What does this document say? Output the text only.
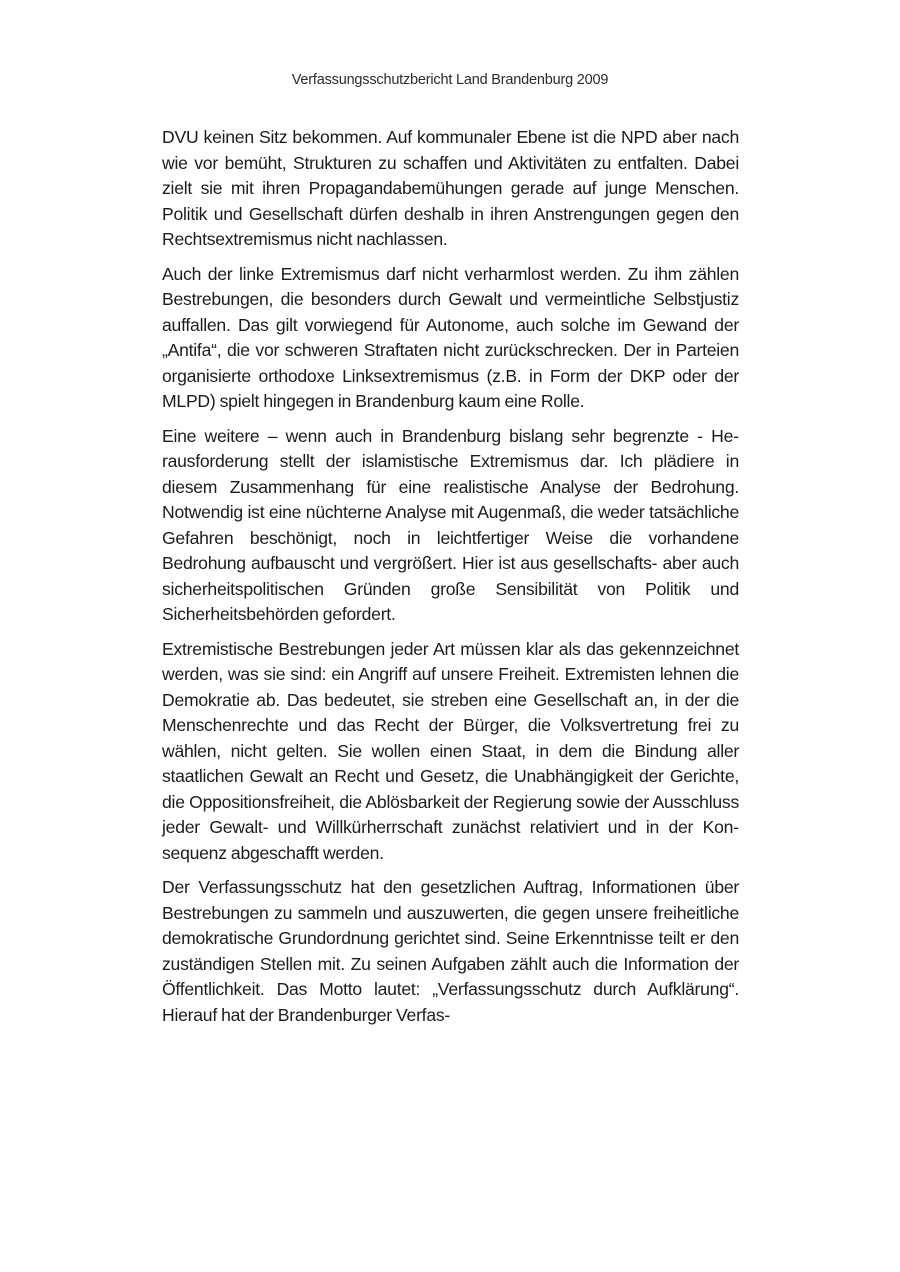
Verfassungsschutzbericht Land Brandenburg 2009

DVU keinen Sitz bekommen. Auf kommunaler Ebene ist die NPD aber nach wie vor bemüht, Strukturen zu schaffen und Aktivitäten zu entfalten. Dabei zielt sie mit ihren Propagandabemühungen gerade auf junge Menschen. Politik und Gesellschaft dürfen deshalb in ihren Anstrengungen gegen den Rechtsextremismus nicht nachlassen.

Auch der linke Extremismus darf nicht verharmlost werden. Zu ihm zählen Bestrebungen, die besonders durch Gewalt und vermeintliche Selbstjustiz auffallen. Das gilt vorwiegend für Autonome, auch solche im Gewand der „Antifa“, die vor schweren Straftaten nicht zurückschrecken. Der in Parteien organisierte orthodoxe Linksextremismus (z.B. in Form der DKP oder der MLPD) spielt hingegen in Brandenburg kaum eine Rolle.

Eine weitere – wenn auch in Brandenburg bislang sehr begrenzte - Herausforderung stellt der islamistische Extremismus dar. Ich plädiere in diesem Zusammenhang für eine realistische Analyse der Bedrohung. Notwendig ist eine nüchterne Analyse mit Augenmaß, die weder tatsächliche Gefahren beschönigt, noch in leichtfertiger Weise die vorhandene Bedrohung aufbauscht und vergrößert. Hier ist aus gesellschafts- aber auch sicherheitspolitischen Gründen große Sensibilität von Politik und Sicherheitsbehörden gefordert.

Extremistische Bestrebungen jeder Art müssen klar als das gekennzeichnet werden, was sie sind: ein Angriff auf unsere Freiheit. Extremisten lehnen die Demokratie ab. Das bedeutet, sie streben eine Gesellschaft an, in der die Menschenrechte und das Recht der Bürger, die Volksvertretung frei zu wählen, nicht gelten. Sie wollen einen Staat, in dem die Bindung aller staatlichen Gewalt an Recht und Gesetz, die Unabhängigkeit der Gerichte, die Oppositionsfreiheit, die Ablösbarkeit der Regierung sowie der Ausschluss jeder Gewalt- und Willkürherrschaft zunächst relativiert und in der Konsequenz abgeschafft werden.

Der Verfassungsschutz hat den gesetzlichen Auftrag, Informationen über Bestrebungen zu sammeln und auszuwerten, die gegen unsere freiheitliche demokratische Grundordnung gerichtet sind. Seine Erkenntnisse teilt er den zuständigen Stellen mit. Zu seinen Aufgaben zählt auch die Information der Öffentlichkeit. Das Motto lautet: „Verfassungsschutz durch Aufklärung“. Hierauf hat der Brandenburger Verfas-
